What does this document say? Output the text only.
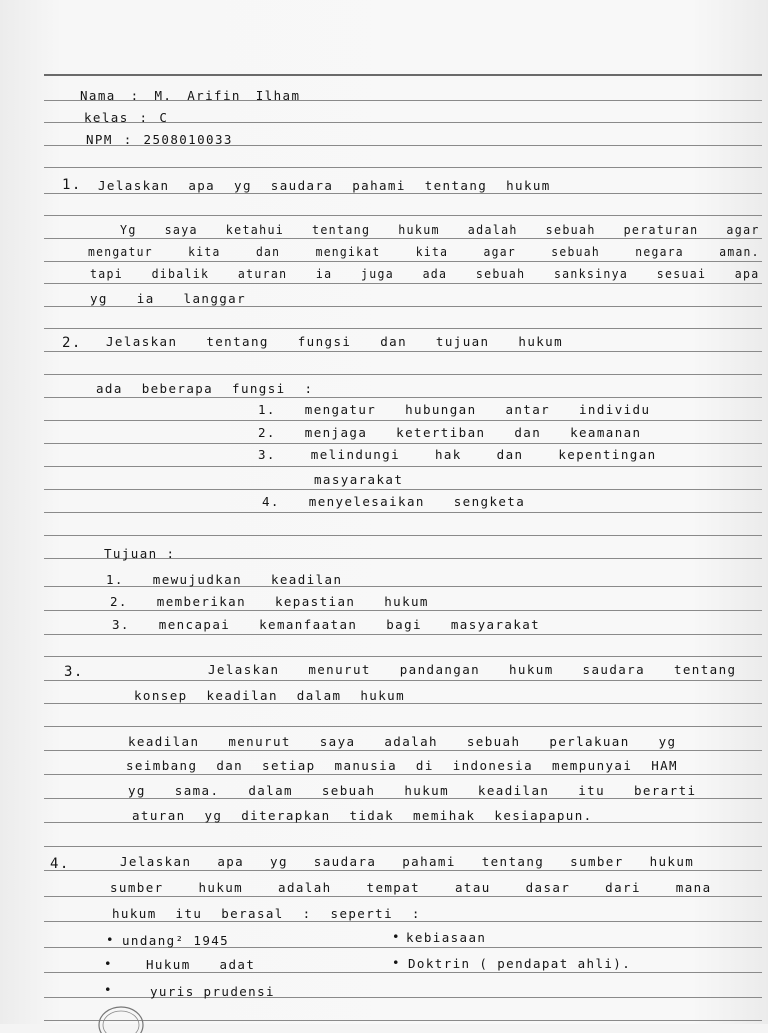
Nama : M. Arifin Ilham
kelas : C
NPM : 2508010033
1. Jelaskan apa yg saudara pahami tentang hukum
Yg saya ketahui tentang hukum adalah sebuah peraturan agar
mengatur kita dan mengikat kita agar sebuah negara aman.
tapi dibalik aturan ia juga ada sebuah sanksinya sesuai apa
yg ia langgar
2. Jelaskan tentang fungsi dan tujuan hukum
ada beberapa fungsi :
1. mengatur hubungan antar individu
2. menjaga ketertiban dan keamanan
3. melindungi hak dan kepentingan
masyarakat
4. menyelesaikan sengketa
Tujuan :
1. mewujudkan keadilan
2. memberikan kepastian hukum
3. mencapai kemanfaatan bagi masyarakat
3.	Jelaskan menurut pandangan hukum saudara tentang
konsep keadilan dalam hukum
keadilan menurut saya adalah sebuah perlakuan yg
seimbang dan setiap manusia di indonesia mempunyai HAM
yg sama. dalam sebuah hukum keadilan itu berarti
aturan yg diterapkan tidak memihak kesiapapun.
4.	Jelaskan apa yg saudara pahami tentang sumber hukum
sumber hukum adalah tempat atau dasar dari mana
hukum itu berasal : seperti :
• undang² 1945
•	Hukum adat
•	yuris prudensi
• kebiasaan
• Doktrin ( pendapat ahli).
